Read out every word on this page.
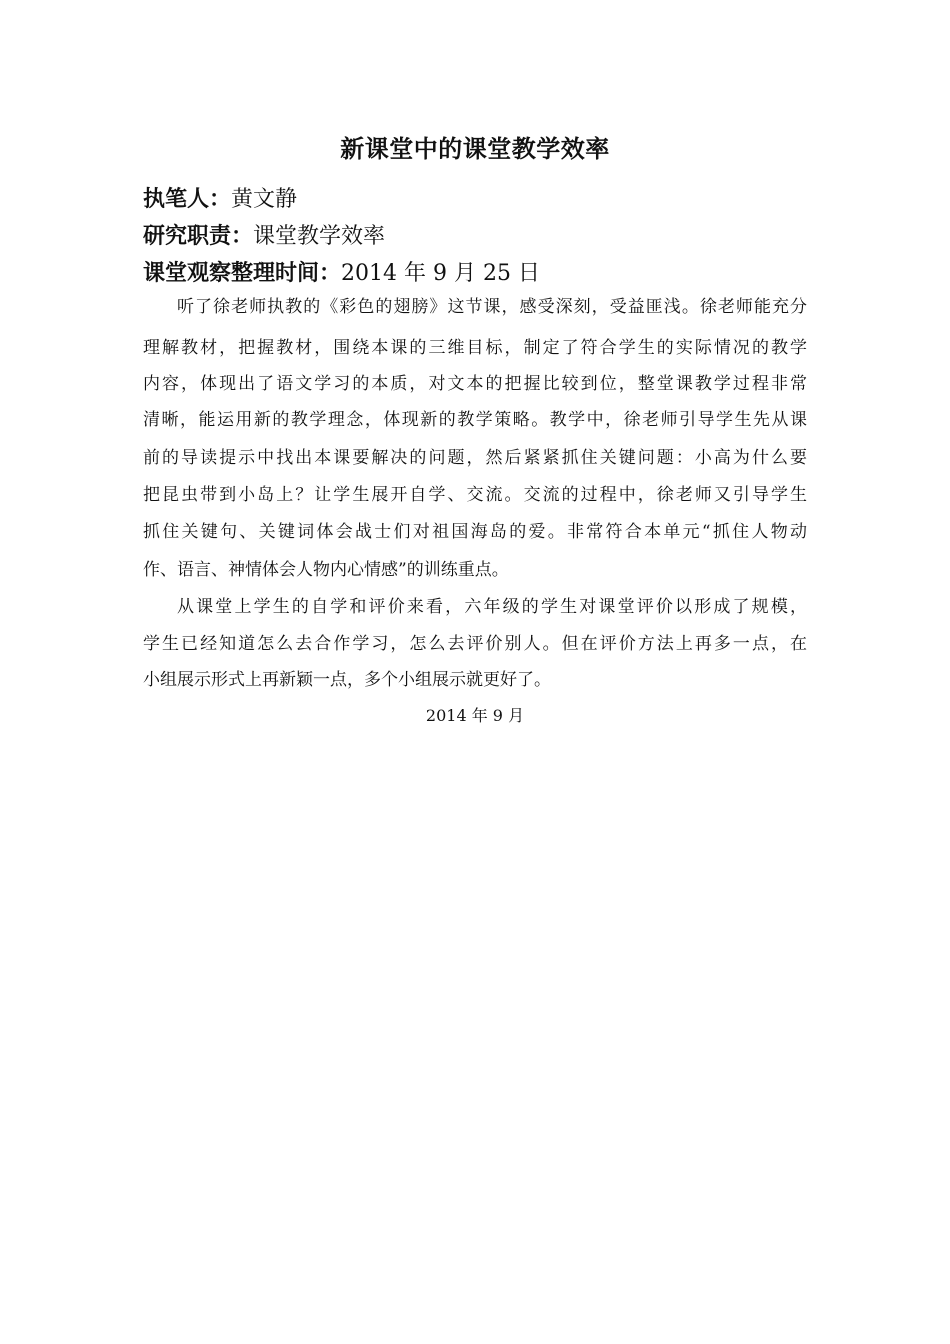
新课堂中的课堂教学效率
执笔人：黄文静
研究职责：课堂教学效率
课堂观察整理时间：2014 年 9 月 25 日
听了徐老师执教的《彩色的翅膀》这节课，感受深刻，受益匪浅。徐老师能充分
理解教材，把握教材，围绕本课的三维目标，制定了符合学生的实际情况的教学
内容，体现出了语文学习的本质，对文本的把握比较到位，整堂课教学过程非常
清晰，能运用新的教学理念，体现新的教学策略。教学中，徐老师引导学生先从课
前的导读提示中找出本课要解决的问题，然后紧紧抓住关键问题：小高为什么要
把昆虫带到小岛上？让学生展开自学、交流。交流的过程中，徐老师又引导学生
抓住关键句、关键词体会战士们对祖国海岛的爱。非常符合本单元“抓住人物动
作、语言、神情体会人物内心情感”的训练重点。
从课堂上学生的自学和评价来看，六年级的学生对课堂评价以形成了规模，
学生已经知道怎么去合作学习，怎么去评价别人。但在评价方法上再多一点，在
小组展示形式上再新颖一点，多个小组展示就更好了。
2014 年 9 月
